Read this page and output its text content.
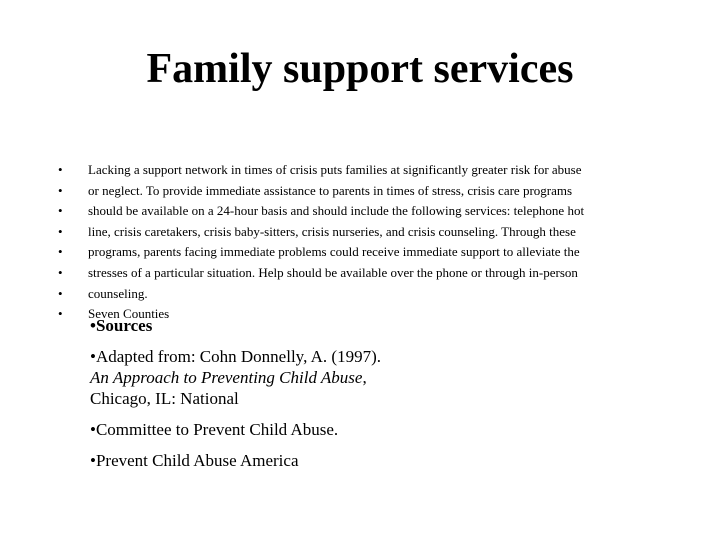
Family support services
• Lacking a support network in times of crisis puts families at significantly greater risk for abuse
• or neglect. To provide immediate assistance to parents in times of stress, crisis care programs
• should be available on a 24-hour basis and should include the following services: telephone hot
• line, crisis caretakers, crisis baby-sitters, crisis nurseries, and crisis counseling. Through these
• programs, parents facing immediate problems could receive immediate support to alleviate the
• stresses of a particular situation. Help should be available over the phone or through in-person
• counseling.
• Seven Counties

•Sources

•Adapted from: Cohn Donnelly, A. (1997).
An Approach to Preventing Child Abuse,
Chicago, IL: National

•Committee to Prevent Child Abuse.

•Prevent Child Abuse America
